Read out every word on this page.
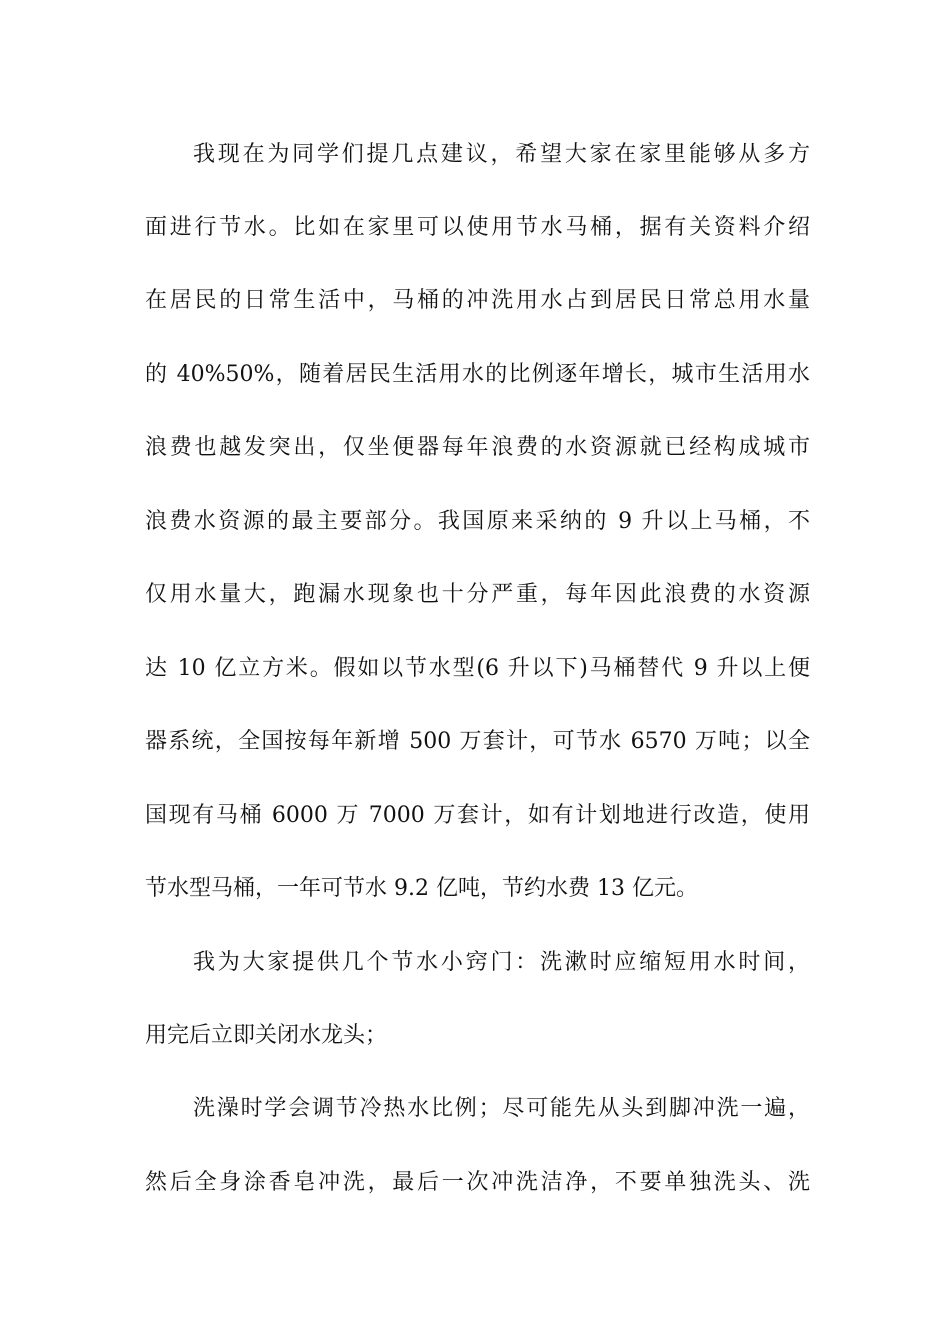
我现在为同学们提几点建议，希望大家在家里能够从多方
面进行节水。比如在家里可以使用节水马桶，据有关资料介绍
在居民的日常生活中，马桶的冲洗用水占到居民日常总用水量
的 40%50%，随着居民生活用水的比例逐年增长，城市生活用水
浪费也越发突出，仅坐便器每年浪费的水资源就已经构成城市
浪费水资源的最主要部分。我国原来采纳的 9 升以上马桶，不
仅用水量大，跑漏水现象也十分严重，每年因此浪费的水资源
达 10 亿立方米。假如以节水型(6 升以下)马桶替代 9 升以上便
器系统，全国按每年新增 500 万套计，可节水 6570 万吨；以全
国现有马桶 6000 万 7000 万套计，如有计划地进行改造，使用
节水型马桶，一年可节水 9.2 亿吨，节约水费 13 亿元。
我为大家提供几个节水小窍门：洗漱时应缩短用水时间，
用完后立即关闭水龙头；
洗澡时学会调节冷热水比例；尽可能先从头到脚冲洗一遍，
然后全身涂香皂冲洗，最后一次冲洗洁净，不要单独洗头、洗
